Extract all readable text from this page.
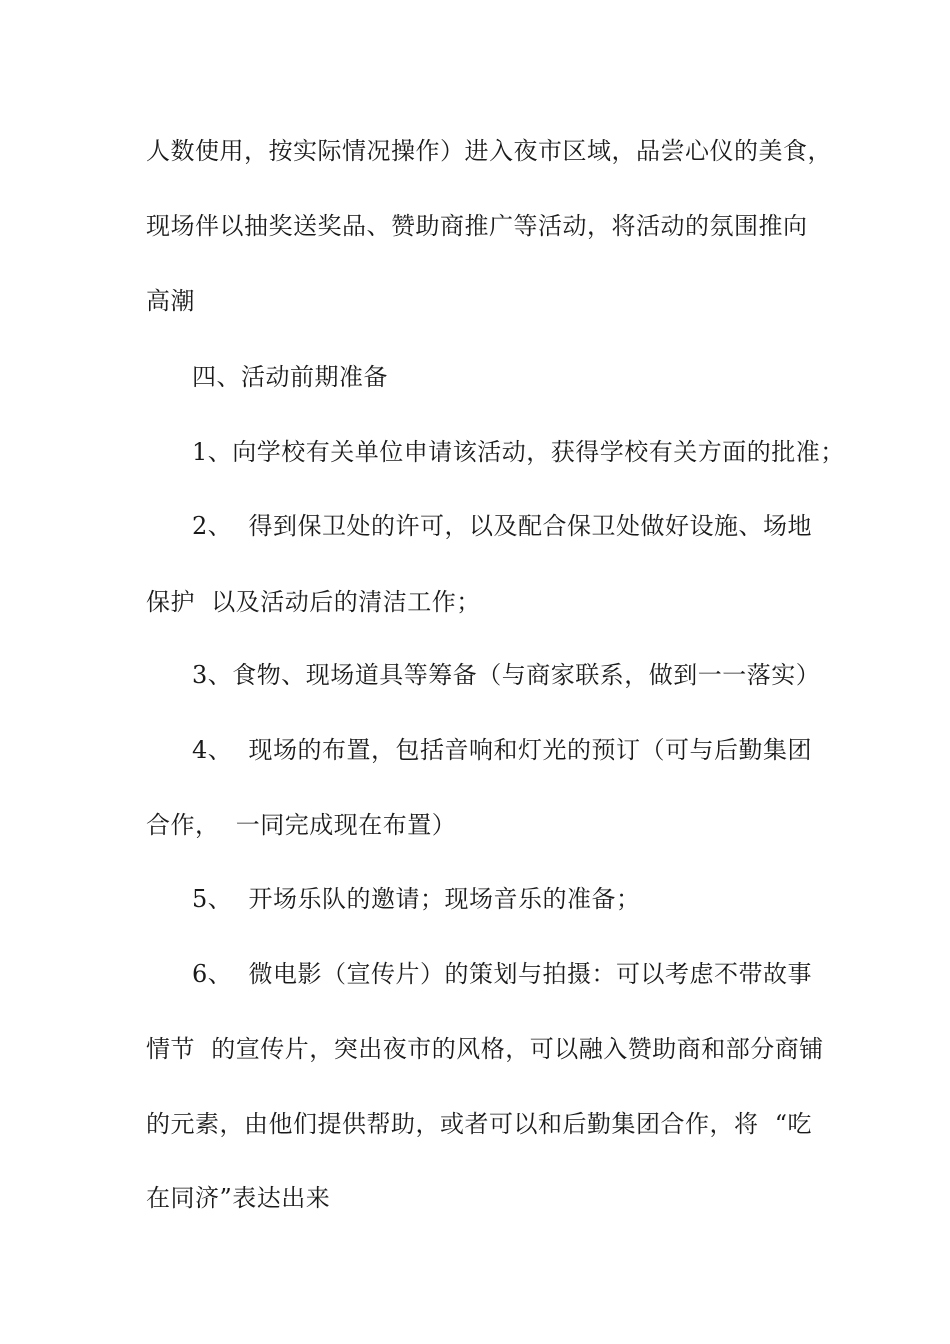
人数使用，按实际情况操作）进入夜市区域，品尝心仪的美食，
现场伴以抽奖送奖品、赞助商推广等活动，将活动的氛围推向
高潮
四、活动前期准备
1、向学校有关单位申请该活动，获得学校有关方面的批准；
2、  得到保卫处的许可，以及配合保卫处做好设施、场地
保护  以及活动后的清洁工作；
3、食物、现场道具等筹备（与商家联系，做到一一落实）
4、  现场的布置，包括音响和灯光的预订（可与后勤集团
合作，  一同完成现在布置）
5、  开场乐队的邀请；现场音乐的准备；
6、  微电影（宣传片）的策划与拍摄：可以考虑不带故事
情节  的宣传片，突出夜市的风格，可以融入赞助商和部分商铺
的元素，由他们提供帮助，或者可以和后勤集团合作，将  “吃
在同济”表达出来
